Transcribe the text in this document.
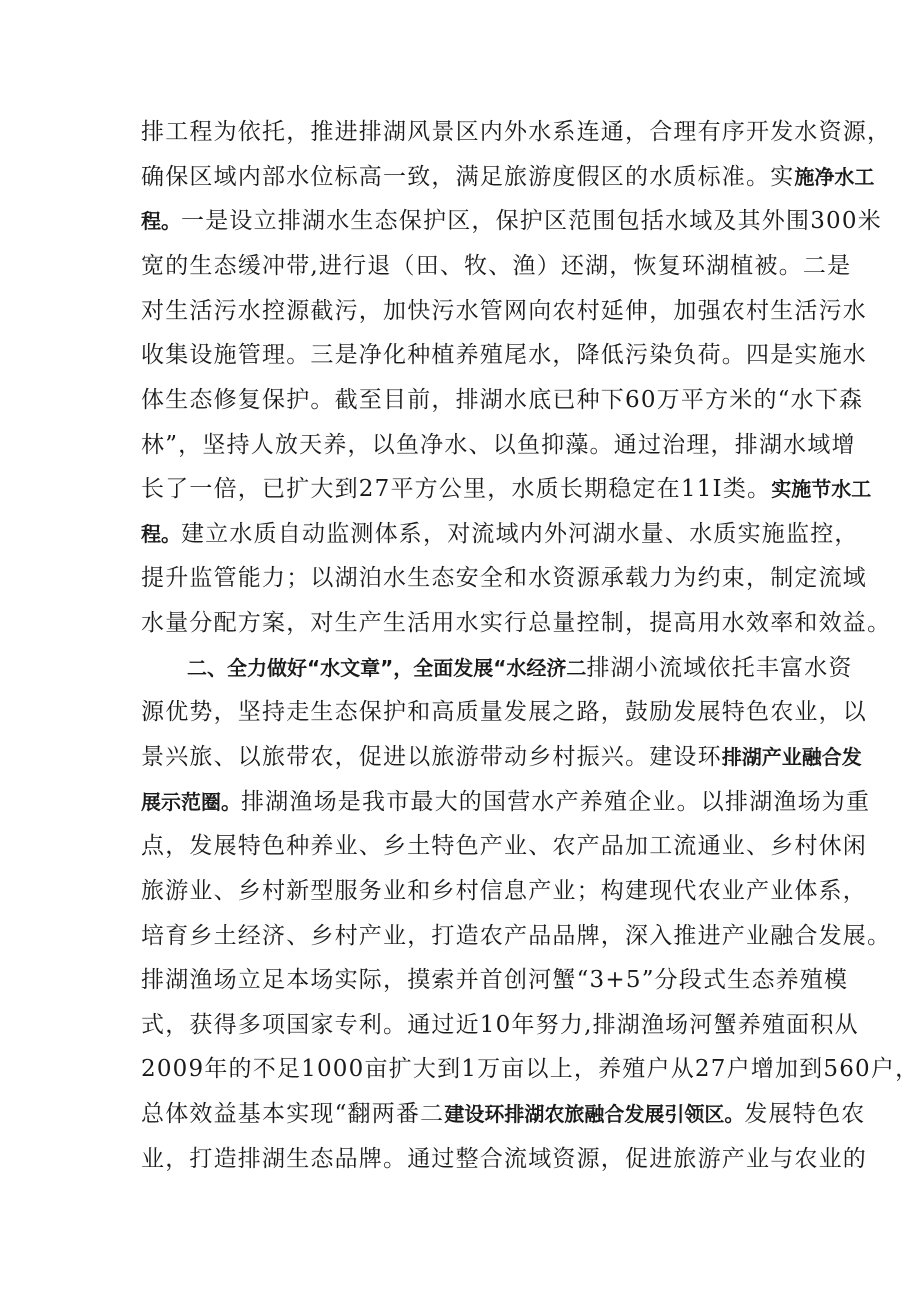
排工程为依托，推进排湖风景区内外水系连通，合理有序开发水资源，
确保区域内部水位标高一致，满足旅游度假区的水质标准。实施净水工
程。一是设立排湖水生态保护区，保护区范围包括水域及其外围300米
宽的生态缓冲带,进行退（田、牧、渔）还湖，恢复环湖植被。二是
对生活污水控源截污，加快污水管网向农村延伸，加强农村生活污水
收集设施管理。三是净化种植养殖尾水，降低污染负荷。四是实施水
体生态修复保护。截至目前，排湖水底已种下60万平方米的“水下森
林”，坚持人放天养，以鱼净水、以鱼抑藻。通过治理，排湖水域增
长了一倍，已扩大到27平方公里，水质长期稳定在11I类。实施节水工
程。建立水质自动监测体系，对流域内外河湖水量、水质实施监控，
提升监管能力；以湖泊水生态安全和水资源承载力为约束，制定流域
水量分配方案，对生产生活用水实行总量控制，提高用水效率和效益。
二、全力做好“水文章”，全面发展“水经济二排湖小流域依托丰富水资
源优势，坚持走生态保护和高质量发展之路，鼓励发展特色农业，以
景兴旅、以旅带农，促进以旅游带动乡村振兴。建设环排湖产业融合发
展示范圈。排湖渔场是我市最大的国营水产养殖企业。以排湖渔场为重
点，发展特色种养业、乡土特色产业、农产品加工流通业、乡村休闲
旅游业、乡村新型服务业和乡村信息产业；构建现代农业产业体系，
培育乡土经济、乡村产业，打造农产品品牌，深入推进产业融合发展。
排湖渔场立足本场实际，摸索并首创河蟹“3+5”分段式生态养殖模
式，获得多项国家专利。通过近10年努力,排湖渔场河蟹养殖面积从
2009年的不足1000亩扩大到1万亩以上，养殖户从27户增加到560户，
总体效益基本实现“翻两番二建设环排湖农旅融合发展引领区。发展特色农
业，打造排湖生态品牌。通过整合流域资源，促进旅游产业与农业的
